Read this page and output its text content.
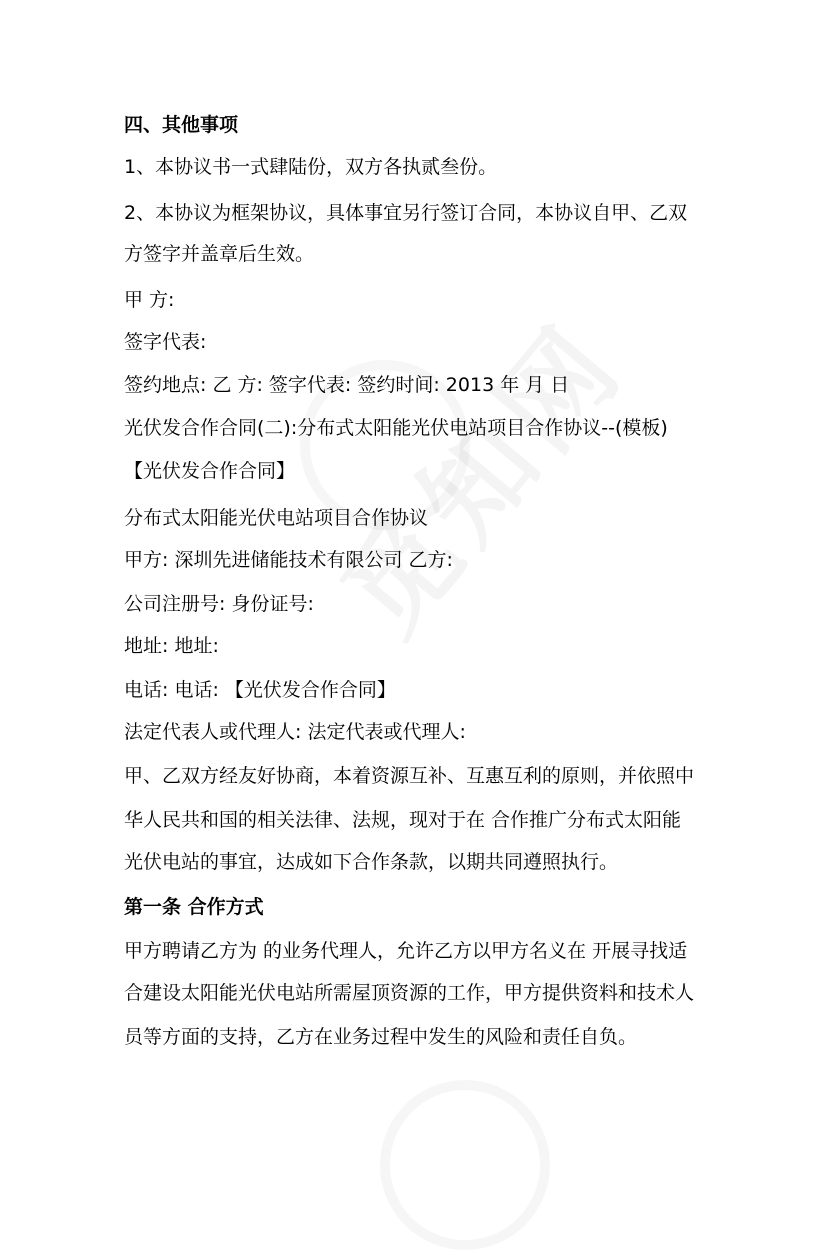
四、其他事项
1、本协议书一式肆陆份，双方各执贰叁份。
2、本协议为框架协议，具体事宜另行签订合同，本协议自甲、乙双
方签字并盖章后生效。
甲 方:
签字代表:
签约地点: 乙 方: 签字代表: 签约时间: 2013 年 月 日
光伏发合作合同(二):分布式太阳能光伏电站项目合作协议--(模板)
【光伏发合作合同】
分布式太阳能光伏电站项目合作协议
甲方: 深圳先进储能技术有限公司 乙方:
公司注册号: 身份证号:
地址: 地址:
电话: 电话: 【光伏发合作合同】
法定代表人或代理人: 法定代表或代理人:
甲、乙双方经友好协商，本着资源互补、互惠互利的原则，并依照中
华人民共和国的相关法律、法规，现对于在 合作推广分布式太阳能
光伏电站的事宜，达成如下合作条款，以期共同遵照执行。
第一条 合作方式
甲方聘请乙方为 的业务代理人，允许乙方以甲方名义在 开展寻找适
合建设太阳能光伏电站所需屋顶资源的工作，甲方提供资料和技术人
员等方面的支持，乙方在业务过程中发生的风险和责任自负。
